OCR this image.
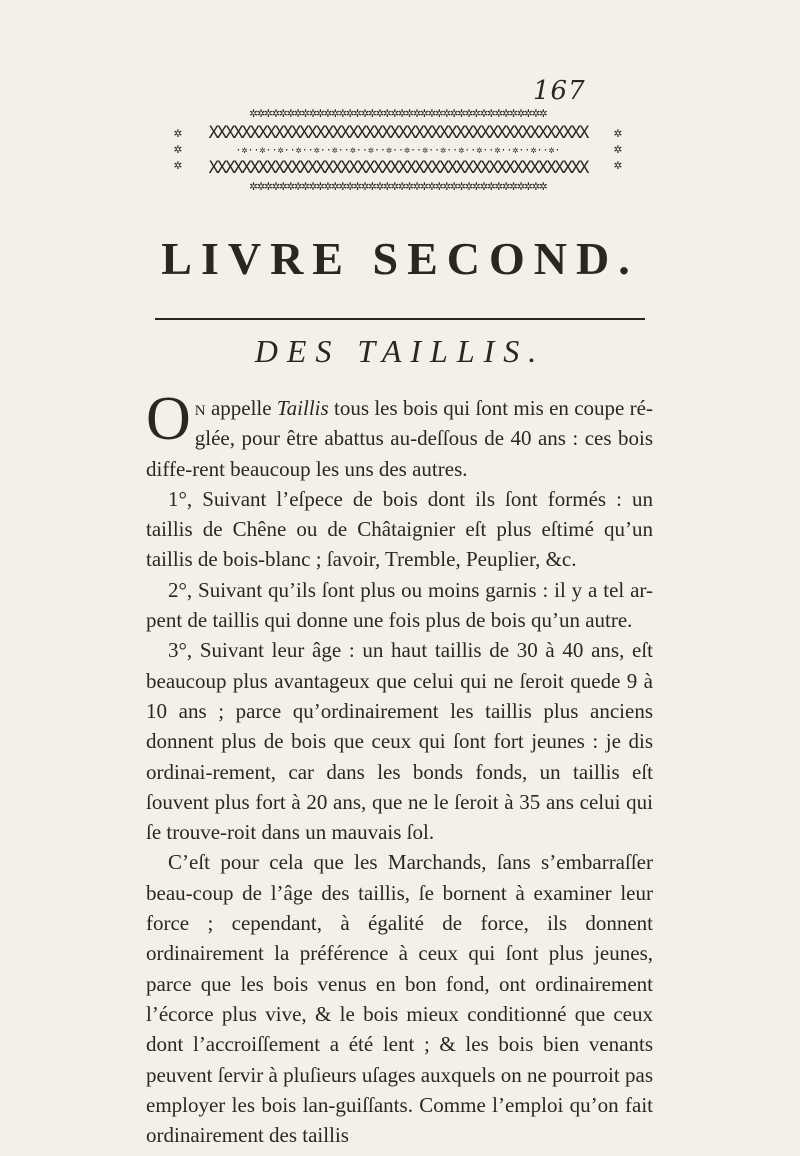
167
✲✲✲✲✲✲✲✲✲✲✲✲✲✲✲✲✲✲✲✲✲✲✲✲✲✲✲✲✲✲✲✲✲✲✲✲✲✲✲✲
✲
✲
✲
✲
✲
✲
XXXXXXXXXXXXXXXXXXXXXXXXXXXXXXXXXXXXXXXXXXXXXX
·✲··✲··✲··✲··✲··✲··✲··✲··✲··✲··✲··✲··✲··✲··✲··✲··✲··✲·
XXXXXXXXXXXXXXXXXXXXXXXXXXXXXXXXXXXXXXXXXXXXXX
✲✲✲✲✲✲✲✲✲✲✲✲✲✲✲✲✲✲✲✲✲✲✲✲✲✲✲✲✲✲✲✲✲✲✲✲✲✲✲✲
LIVRE SECOND.
DES TAILLIS.

On appelle Taillis tous les bois qui ſont mis en coupe ré-glée, pour être abattus au-deſſous de 40 ans : ces bois diffe-rent beaucoup les uns des autres.

1°, Suivant l’eſpece de bois dont ils ſont formés : un taillis de Chêne ou de Châtaignier eſt plus eſtimé qu’un taillis de bois-blanc ; ſavoir, Tremble, Peuplier, &c.

2°, Suivant qu’ils ſont plus ou moins garnis : il y a tel ar-pent de taillis qui donne une fois plus de bois qu’un autre.

3°, Suivant leur âge : un haut taillis de 30 à 40 ans, eſt beaucoup plus avantageux que celui qui ne ſeroit quede 9 à 10 ans ; parce qu’ordinairement les taillis plus anciens donnent plus de bois que ceux qui ſont fort jeunes : je dis ordinai-rement, car dans les bonds fonds, un taillis eſt ſouvent plus fort à 20 ans, que ne le ſeroit à 35 ans celui qui ſe trouve-roit dans un mauvais ſol.

C’eſt pour cela que les Marchands, ſans s’embarraſſer beau-coup de l’âge des taillis, ſe bornent à examiner leur force ; cependant, à égalité de force, ils donnent ordinairement la préférence à ceux qui ſont plus jeunes, parce que les bois venus en bon fond, ont ordinairement l’écorce plus vive, & le bois mieux conditionné que ceux dont l’accroiſſement a été lent ; & les bois bien venants peuvent ſervir à pluſieurs uſages auxquels on ne pourroit pas employer les bois lan-guiſſants. Comme l’emploi qu’on fait ordinairement des taillis
